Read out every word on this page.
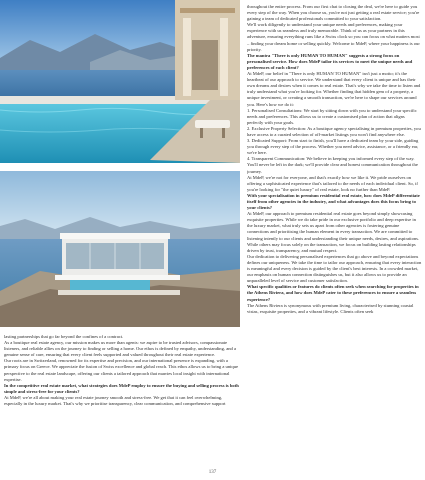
lasting partnerships that go far beyond the confines of a contract.

As a boutique real estate agency, our mission makes us more than agents: we aspire to be trusted advisors, compassionate listeners, and reliable allies on the journey to finding or selling a home. Our ethos is defined by empathy, understanding, and a genuine sense of care, ensuring that every client feels supported and valued throughout their real estate experience.

Our roots are in Switzerland, renowned for its expertise and precision, and our international presence is expanding, with a primary focus on Greece. We appreciate the fusion of Swiss excellence and global reach. This ethos allows us to bring a unique perspective to the real estate landscape, offering our clients a tailored approach that marries local insight with international expertise.

In the competitive real estate market, what strategies does MdeP employ to ensure the buying and selling process is both simple and stress-free for your clients?

At MdeP, we're all about making your real estate journey smooth and stress-free. We get that it can feel overwhelming, especially in the luxury market. That's why we prioritise transparency, clear communication, and comprehensive support

throughout the entire process. From our first chat to closing the deal, we're here to guide you every step of the way. When you choose us, you're not just getting a real estate service; you're gaining a team of dedicated professionals committed to your satisfaction.

We'll work diligently to understand your unique needs and preferences, making your experience with us seamless and truly memorable. Think of us as your partners in this adventure, ensuring everything runs like a Swiss clock so you can focus on what matters most – finding your dream home or selling quickly. Welcome to MdeP, where your happiness is our priority.

The mantra "There is only HUMAN TO HUMAN" suggests a strong focus on personalised service. How does MdeP tailor its services to meet the unique needs and preferences of each client?

At MdeP, our belief in "There is only HUMAN TO HUMAN" isn't just a motto; it's the heartbeat of our approach to service. We understand that every client is unique and has their own dreams and desires when it comes to real estate. That's why we take the time to listen and truly understand what you're looking for. Whether finding that hidden gem of a property, a unique investment, or creating a smooth transaction, we're here to shape our services around you. Here's how we do it:

1. Personalised Consultations: We start by sitting down with you to understand your specific needs and preferences. This allows us to create a customised plan of action that aligns perfectly with your goals.

2. Exclusive Property Selection: As a boutique agency specialising in premium properties, you have access to a curated selection of off-market listings you won't find anywhere else.

3. Dedicated Support: From start to finish, you'll have a dedicated team by your side, guiding you through every step of the process. Whether you need advice, assistance, or a friendly ear, we're here.

4. Transparent Communication: We believe in keeping you informed every step of the way. You'll never be left in the dark; we'll provide clear and honest communication throughout the journey.

At MdeP, we're not for everyone, and that's exactly how we like it. We pride ourselves on offering a sophisticated experience that's tailored to the needs of each individual client. So, if you're looking for "the quiet luxury" of real estate, look no further than MdeP.

With your specialisation in premium residential real estate, how does MdeP differentiate itself from other agencies in the industry, and what advantages does this focus bring to your clients?

At MdeP, our approach to premium residential real estate goes beyond simply showcasing exquisite properties. While we do take pride in our exclusive portfolio and deep expertise in the luxury market, what truly sets us apart from other agencies is fostering genuine connections and prioritising the human element in every transaction. We are committed to listening intently to our clients and understanding their unique needs, desires, and aspirations. While others may focus solely on the transaction, we focus on building lasting relationships driven by trust, transparency, and mutual respect.

Our dedication to delivering personalised experiences that go above and beyond expectations defines our uniqueness. We take the time to tailor our approach, ensuring that every interaction is meaningful and every decision is guided by the client's best interests. In a crowded market, our emphasis on human connection distinguishes us, but it also allows us to provide an unparalleled level of service and customer satisfaction.

What specific qualities or features do clients often seek when searching for properties in the Athens Riviera, and how does MdeP cater to these preferences to ensure a seamless experience?

The Athens Riviera is synonymous with premium living, characterised by stunning coastal vistas, exquisite properties, and a vibrant lifestyle. Clients often seek

137
